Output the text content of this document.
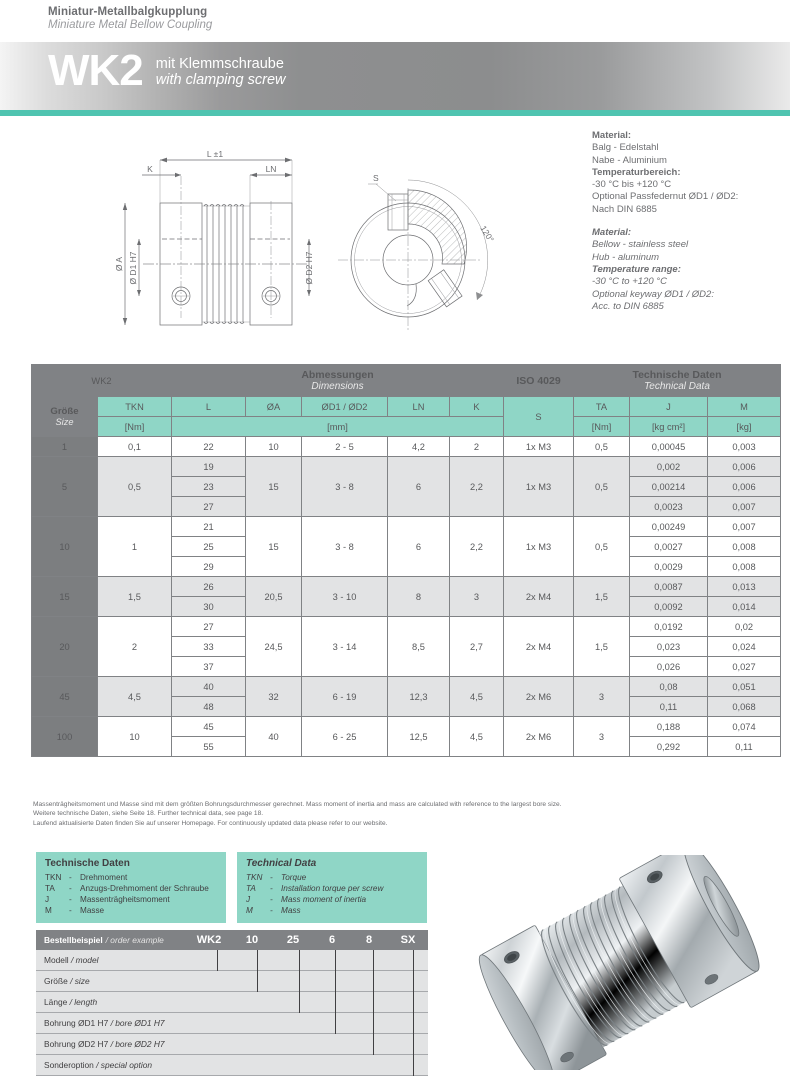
Miniatur-Metallbalgkupplung
Miniature Metal Bellow Coupling
WK2 mit Klemmschraube
with clamping screw
Material:
Balg - Edelstahl
Nabe - Aluminium
Temperaturbereich:
-30 °C bis +120 °C
Optional Passfedernut ØD1 / ØD2:
Nach DIN 6885
Material:
Bellow - stainless steel
Hub - aluminum
Temperature range:
-30 °C to +120 °C
Optional keyway ØD1 / ØD2:
Acc. to DIN 6885
L ±1
K	LN
Ø A Ø D1 H7	Ø D2 H7
S
120°
WK2		Abmessungen
Dimensions					ISO 4029	Technische Daten
Technical Data		

Größe
Size	TKN	L	ØA	ØD1 / ØD2	LN	K	S	TA	J	M
	[Nm]	[mm]						[Nm]	[kg cm²]	[kg]
1	0,1	22	10	2 - 5	4,2	2	1x M3	0,5	0,00045	0,003
5	0,5	19	15	3 - 8	6	2,2	1x M3	0,5	0,002	0,006
		23							0,00214	0,006
		27							0,0023	0,007
10	1	21	15	3 - 8	6	2,2	1x M3	0,5	0,00249	0,007
		25							0,0027	0,008
		29							0,0029	0,008
15	1,5	26	20,5	3 - 10	8	3	2x M4	1,5	0,0087	0,013
		30							0,0092	0,014
20	2	27	24,5	3 - 14	8,5	2,7	2x M4	1,5	0,0192	0,02
		33							0,023	0,024
		37							0,026	0,027
45	4,5	40	32	6 - 19	12,3	4,5	2x M6	3	0,08	0,051
		48							0,11	0,068
100	10	45	40	6 - 25	12,5	4,5	2x M6	3	0,188	0,074
		55							0,292	0,11
Massenträgheitsmoment und Masse sind mit dem größten Bohrungsdurchmesser gerechnet. Mass moment of inertia and mass are calculated with reference to the largest bore size.
Weitere technische Daten, siehe Seite 18. Further technical data, see page 18.
Laufend aktualisierte Daten finden Sie auf unserer Homepage. For continuously updated data please refer to our website.
Technische Daten
TKN -	Drehmoment
TA	-	Anzugs-Drehmoment der Schraube
J	-	Massenträgheitsmoment
M	-	Masse
Technical Data
TKN -	Torque
TA	-	Installation torque per screw
J	-	Mass moment of inertia
M	-	Mass
Bestellbeispiel / order example	WK2	10	25	6	8	SX
Modell
/ model
Größe
/ size
Länge
/ length
Bohrung ØD1 H7
/ bore ØD1 H7
Bohrung ØD2 H7
/ bore ØD2 H7
Sonderoption
/ special option
